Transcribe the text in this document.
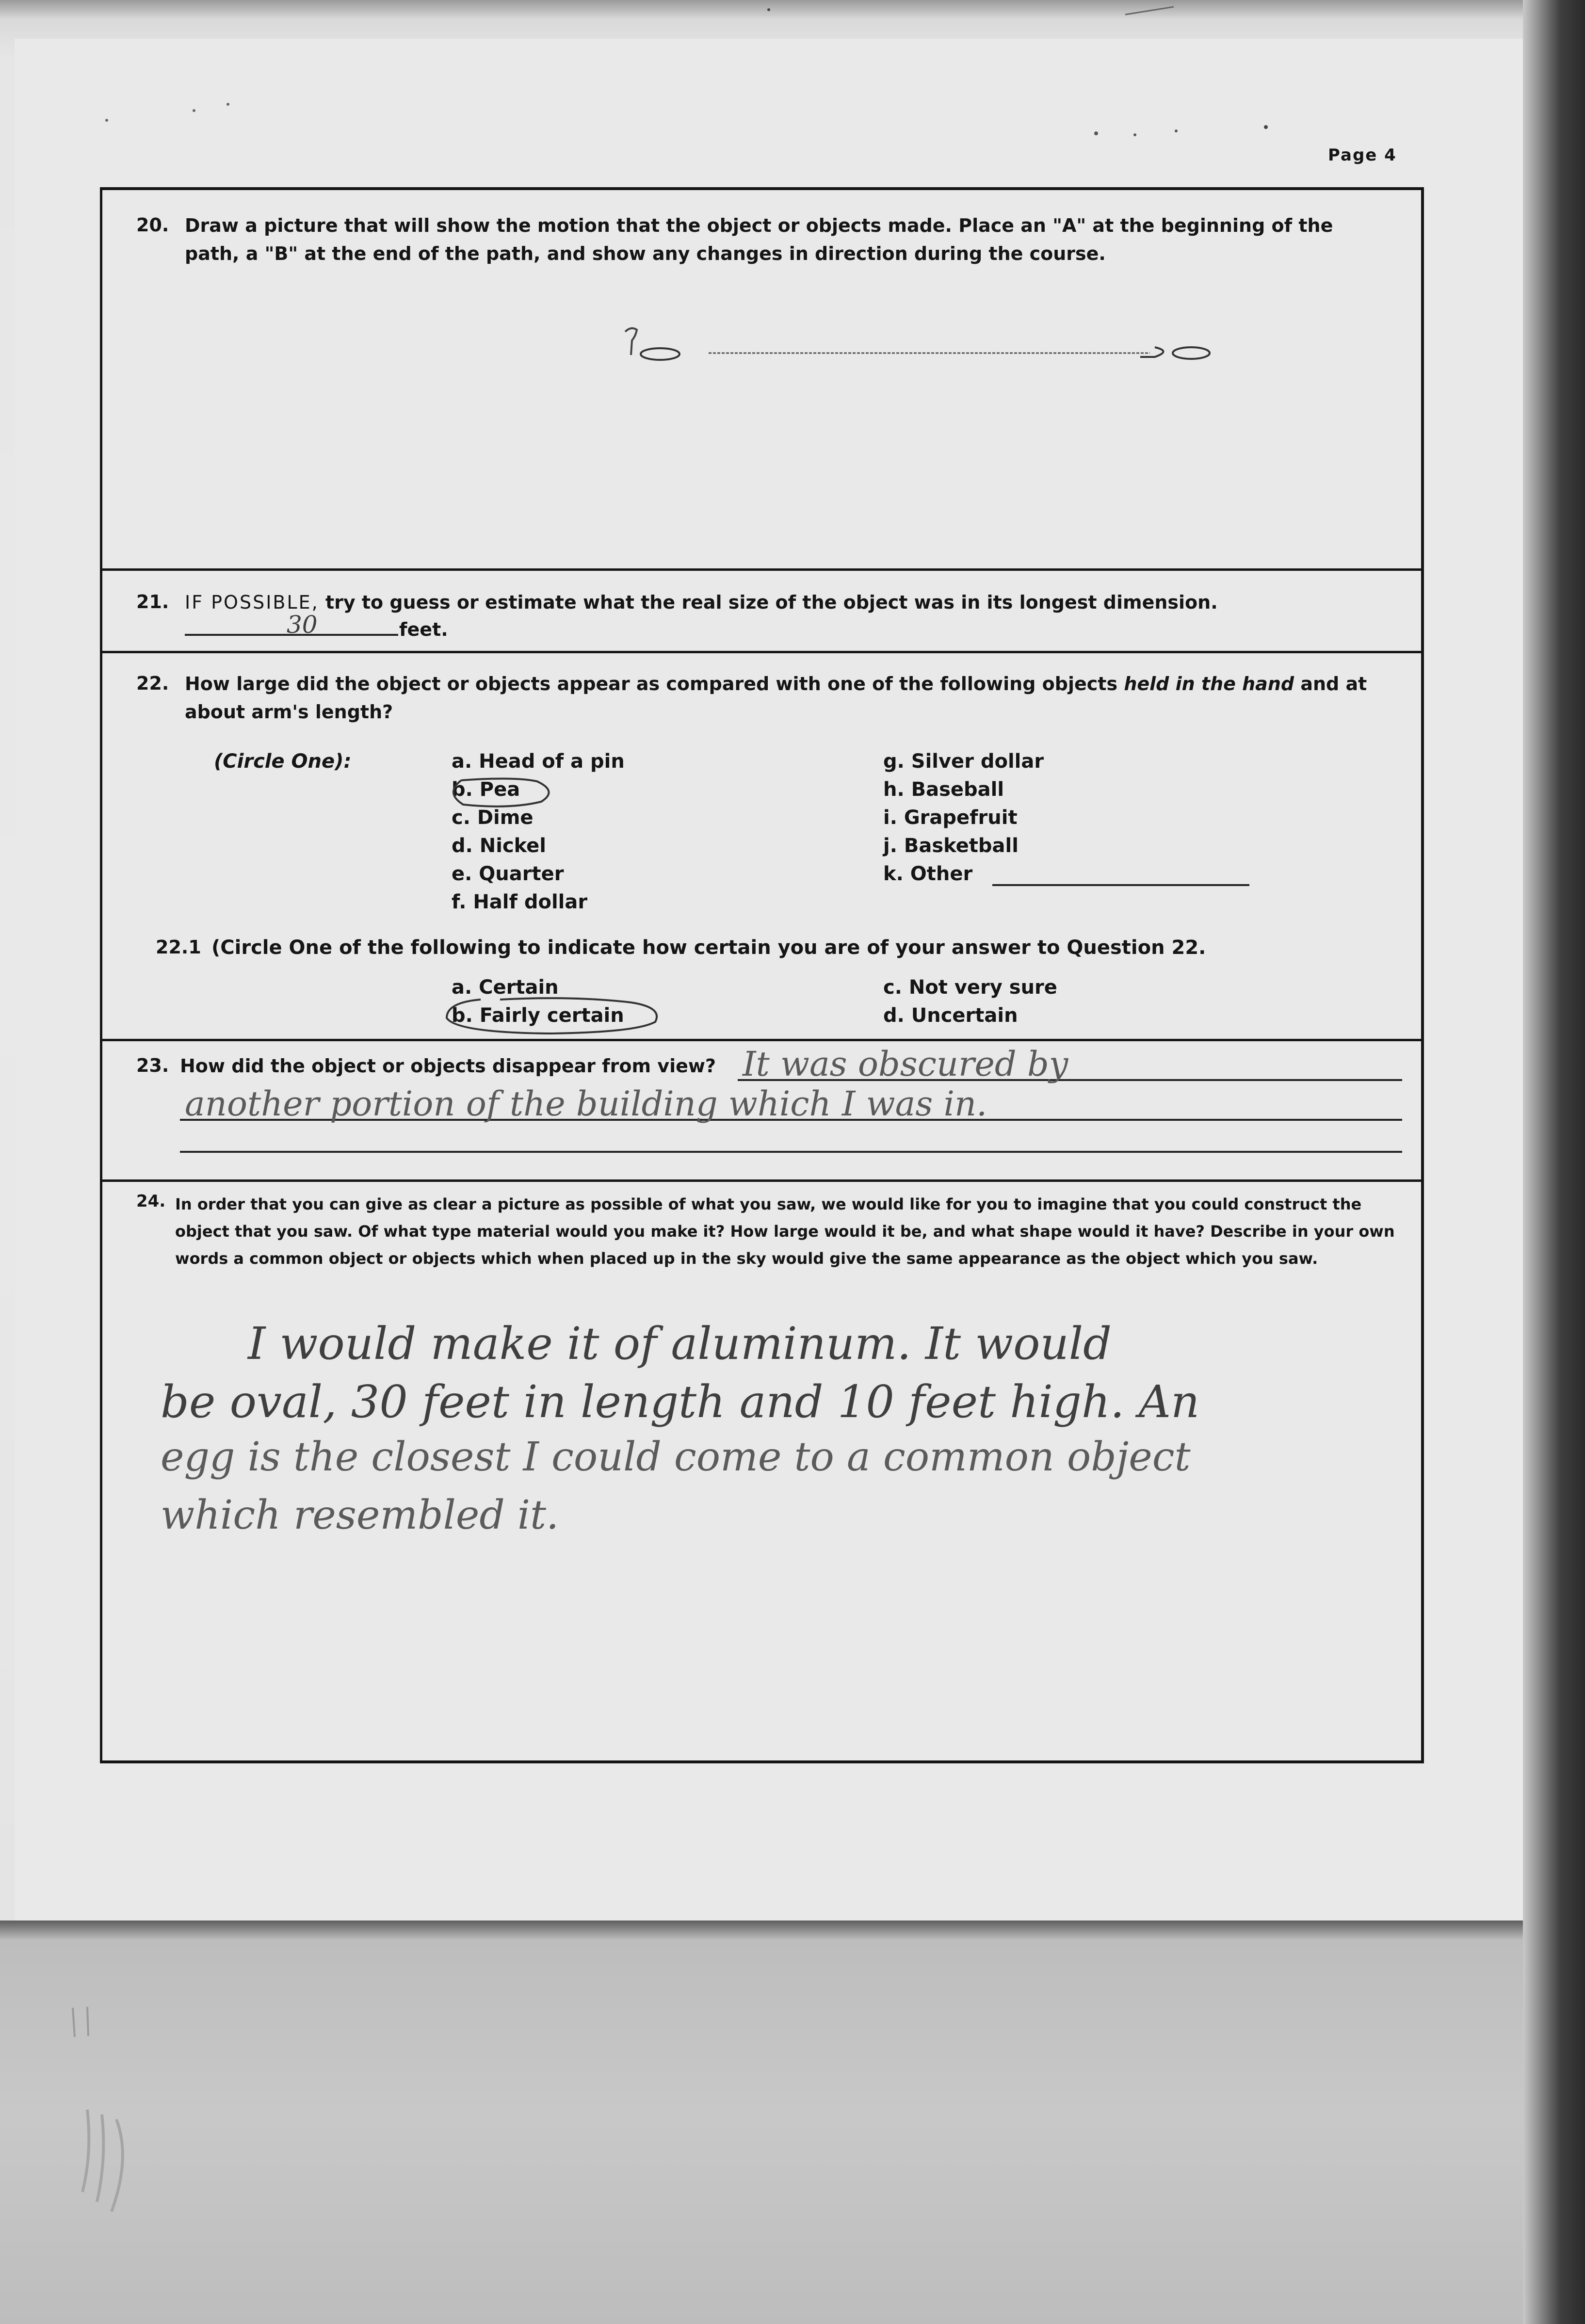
Page 4
20. Draw a picture that will show the motion that the object or objects made. Place an "A" at the beginning of the path, a "B" at the end of the path, and show any changes in direction during the course.
21. IF POSSIBLE, try to guess or estimate what the real size of the object was in its longest dimension.
30	feet.
22. How large did the object or objects appear as compared with one of the following objects held in the hand and at about arm's length?
(Circle One):	a. Head of a pin
b. Pea
c. Dime
d. Nickel
e. Quarter
f. Half dollar
g. Silver dollar
h. Baseball
i. Grapefruit
j. Basketball
k. Other
22.1 (Circle One of the following to indicate how certain you are of your answer to Question 22.
a. Certain
b. Fairly certain
c. Not very sure
d. Uncertain
23. How did the object or objects disappear from view? It was obscured by
another portion of the building which I was in.
24. In order that you can give as clear a picture as possible of what you saw, we would like for you to imagine that you could construct the object that you saw. Of what type material would you make it? How large would it be, and what shape would it have? Describe in your own words a common object or objects which when placed up in the sky would give the same appearance as the object which you saw.
I would make it of aluminum. It would
be oval, 30 feet in length and 10 feet high. An
egg is the closest I could come to a common object
which resembled it.
